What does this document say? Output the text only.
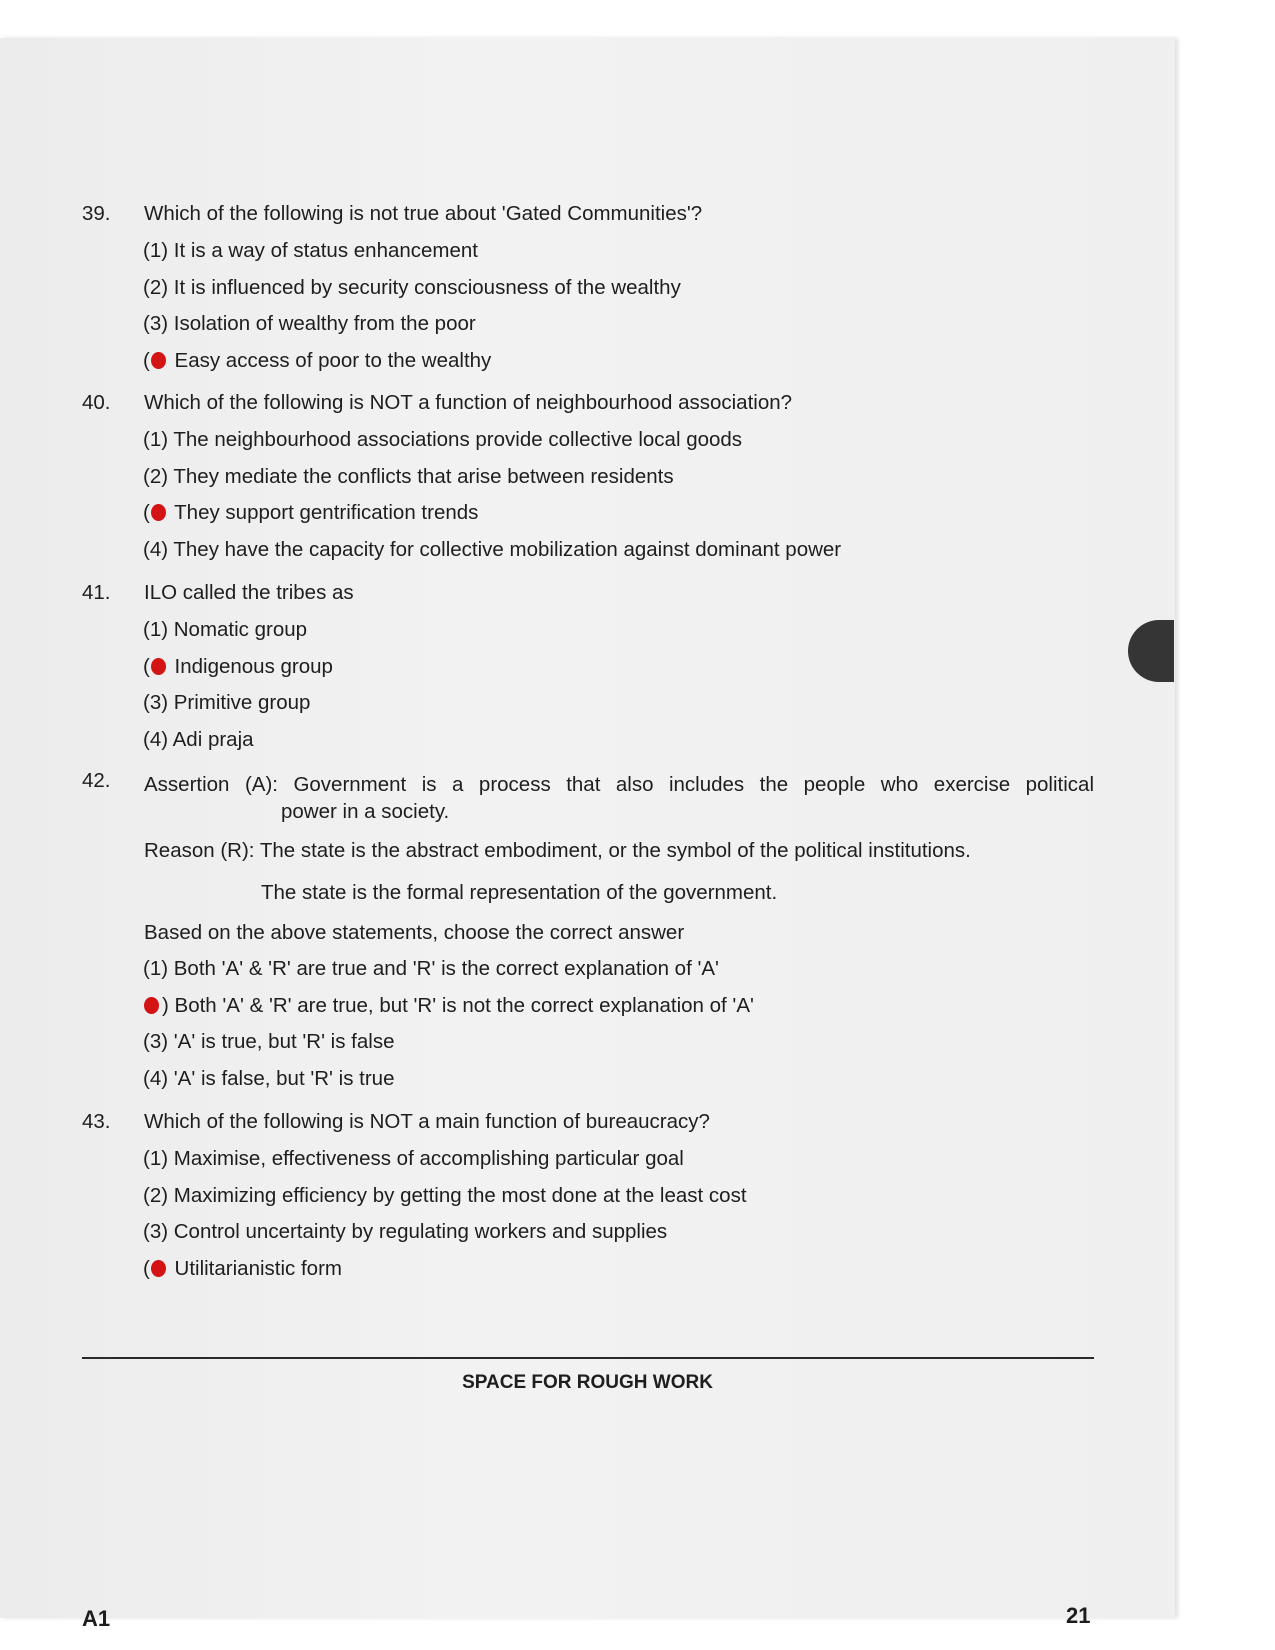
39. Which of the following is not true about 'Gated Communities'?
(1) It is a way of status enhancement
(2) It is influenced by security consciousness of the wealthy
(3) Isolation of wealthy from the poor
( Easy access of poor to the wealthy
40. Which of the following is NOT a function of neighbourhood association?
(1) The neighbourhood associations provide collective local goods
(2) They mediate the conflicts that arise between residents
( They support gentrification trends
(4) They have the capacity for collective mobilization against dominant power
41. ILO called the tribes as
(1) Nomatic group
( Indigenous group
(3) Primitive group
(4) Adi praja
42. Assertion (A): Government is a process that also includes the people who exercise political
power in a society.
Reason (R): The state is the abstract embodiment, or the symbol of the political institutions.
The state is the formal representation of the government.
Based on the above statements, choose the correct answer
(1) Both 'A' & 'R' are true and 'R' is the correct explanation of 'A'
) Both 'A' & 'R' are true, but 'R' is not the correct explanation of 'A'
(3) 'A' is true, but 'R' is false
(4) 'A' is false, but 'R' is true
43. Which of the following is NOT a main function of bureaucracy?
(1) Maximise, effectiveness of accomplishing particular goal
(2) Maximizing efficiency by getting the most done at the least cost
(3) Control uncertainty by regulating workers and supplies
( Utilitarianistic form
SPACE FOR ROUGH WORK
A1	21
